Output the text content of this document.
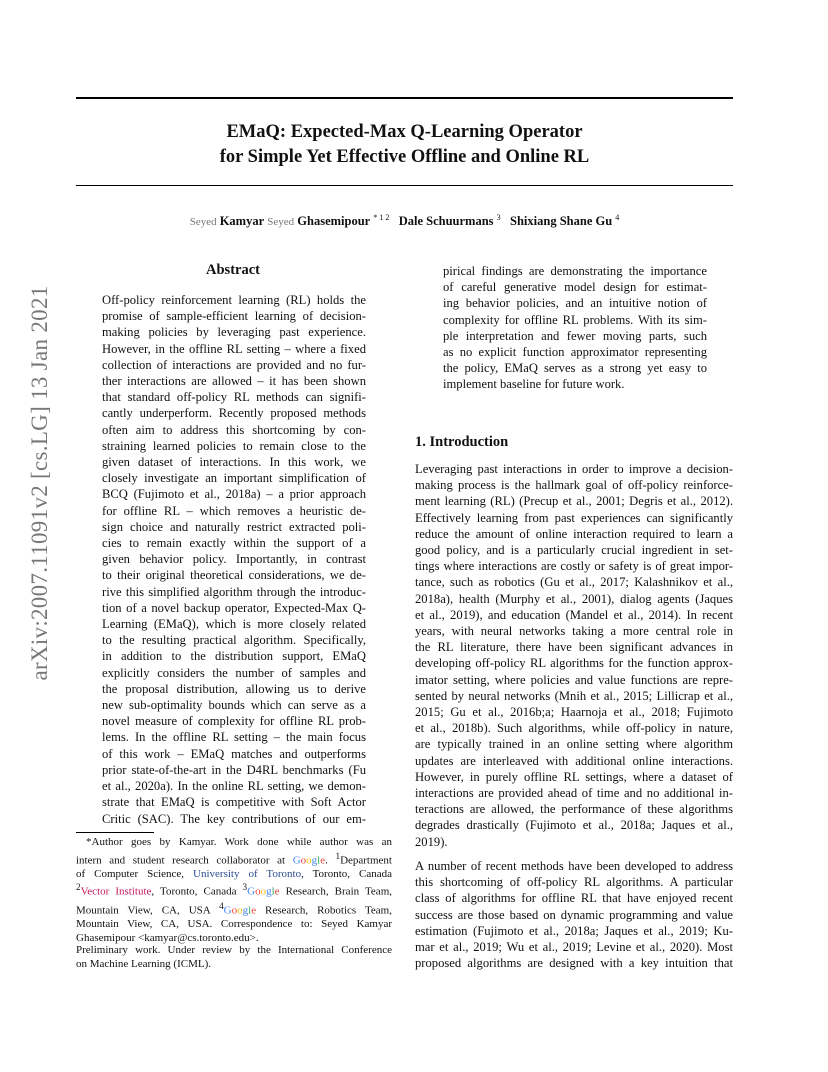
arXiv:2007.11091v2 [cs.LG] 13 Jan 2021
EMaQ: Expected-Max Q-Learning Operator
for Simple Yet Effective Offline and Online RL
Seyed Kamyar Seyed Ghasemipour $^{* 1 2}$ Dale Schuurmans $^3$ Shixiang Shane Gu $^4$
Abstract
Off-policy reinforcement learning (RL) holds the
promise of sample-efficient learning of decision-
making policies by leveraging past experience.
However, in the offline RL setting – where a fixed
collection of interactions are provided and no fur-
ther interactions are allowed – it has been shown
that standard off-policy RL methods can signifi-
cantly underperform. Recently proposed methods
often aim to address this shortcoming by con-
straining learned policies to remain close to the
given dataset of interactions. In this work, we
closely investigate an important simplification of
BCQ (Fujimoto et al., 2018a) – a prior approach
for offline RL – which removes a heuristic de-
sign choice and naturally restrict extracted poli-
cies to remain exactly within the support of a
given behavior policy. Importantly, in contrast
to their original theoretical considerations, we de-
rive this simplified algorithm through the introduc-
tion of a novel backup operator, Expected-Max Q-
Learning (EMaQ), which is more closely related
to the resulting practical algorithm. Specifically,
in addition to the distribution support, EMaQ
explicitly considers the number of samples and
the proposal distribution, allowing us to derive
new sub-optimality bounds which can serve as a
novel measure of complexity for offline RL prob-
lems. In the offline RL setting – the main focus
of this work – EMaQ matches and outperforms
prior state-of-the-art in the D4RL benchmarks (Fu
et al., 2020a). In the online RL setting, we demon-
strate that EMaQ is competitive with Soft Actor
Critic (SAC). The key contributions of our em-
pirical findings are demonstrating the importance
of careful generative model design for estimat-
ing behavior policies, and an intuitive notion of
complexity for offline RL problems. With its sim-
ple interpretation and fewer moving parts, such
as no explicit function approximator representing
the policy, EMaQ serves as a strong yet easy to
implement baseline for future work.
1. Introduction
Leveraging past interactions in order to improve a decision-
making process is the hallmark goal of off-policy reinforce-
ment learning (RL) (Precup et al., 2001; Degris et al., 2012).
Effectively learning from past experiences can significantly
reduce the amount of online interaction required to learn a
good policy, and is a particularly crucial ingredient in set-
tings where interactions are costly or safety is of great impor-
tance, such as robotics (Gu et al., 2017; Kalashnikov et al.,
2018a), health (Murphy et al., 2001), dialog agents (Jaques
et al., 2019), and education (Mandel et al., 2014). In recent
years, with neural networks taking a more central role in
the RL literature, there have been significant advances in
developing off-policy RL algorithms for the function approx-
imator setting, where policies and value functions are repre-
sented by neural networks (Mnih et al., 2015; Lillicrap et al.,
2015; Gu et al., 2016b;a; Haarnoja et al., 2018; Fujimoto
et al., 2018b). Such algorithms, while off-policy in nature,
are typically trained in an online setting where algorithm
updates are interleaved with additional online interactions.
However, in purely offline RL settings, where a dataset of
interactions are provided ahead of time and no additional in-
teractions are allowed, the performance of these algorithms
degrades drastically (Fujimoto et al., 2018a; Jaques et al.,
2019).
A number of recent methods have been developed to address
this shortcoming of off-policy RL algorithms. A particular
class of algorithms for offline RL that have enjoyed recent
success are those based on dynamic programming and value
estimation (Fujimoto et al., 2018a; Jaques et al., 2019; Ku-
mar et al., 2019; Wu et al., 2019; Levine et al., 2020). Most
proposed algorithms are designed with a key intuition that
*Author goes by Kamyar. Work done while author was an
intern and student research collaborator at Google. $^1$Department
of Computer Science, University of Toronto, Toronto, Canada
$^2$Vector Institute, Toronto, Canada $^3$Google Research, Brain Team,
Mountain View, CA, USA $^4$Google Research, Robotics Team,
Mountain View, CA, USA. Correspondence to: Seyed Kamyar
Ghasemipour <kamyar@cs.toronto.edu>.
Preliminary work. Under review by the International Conference
on Machine Learning (ICML).
